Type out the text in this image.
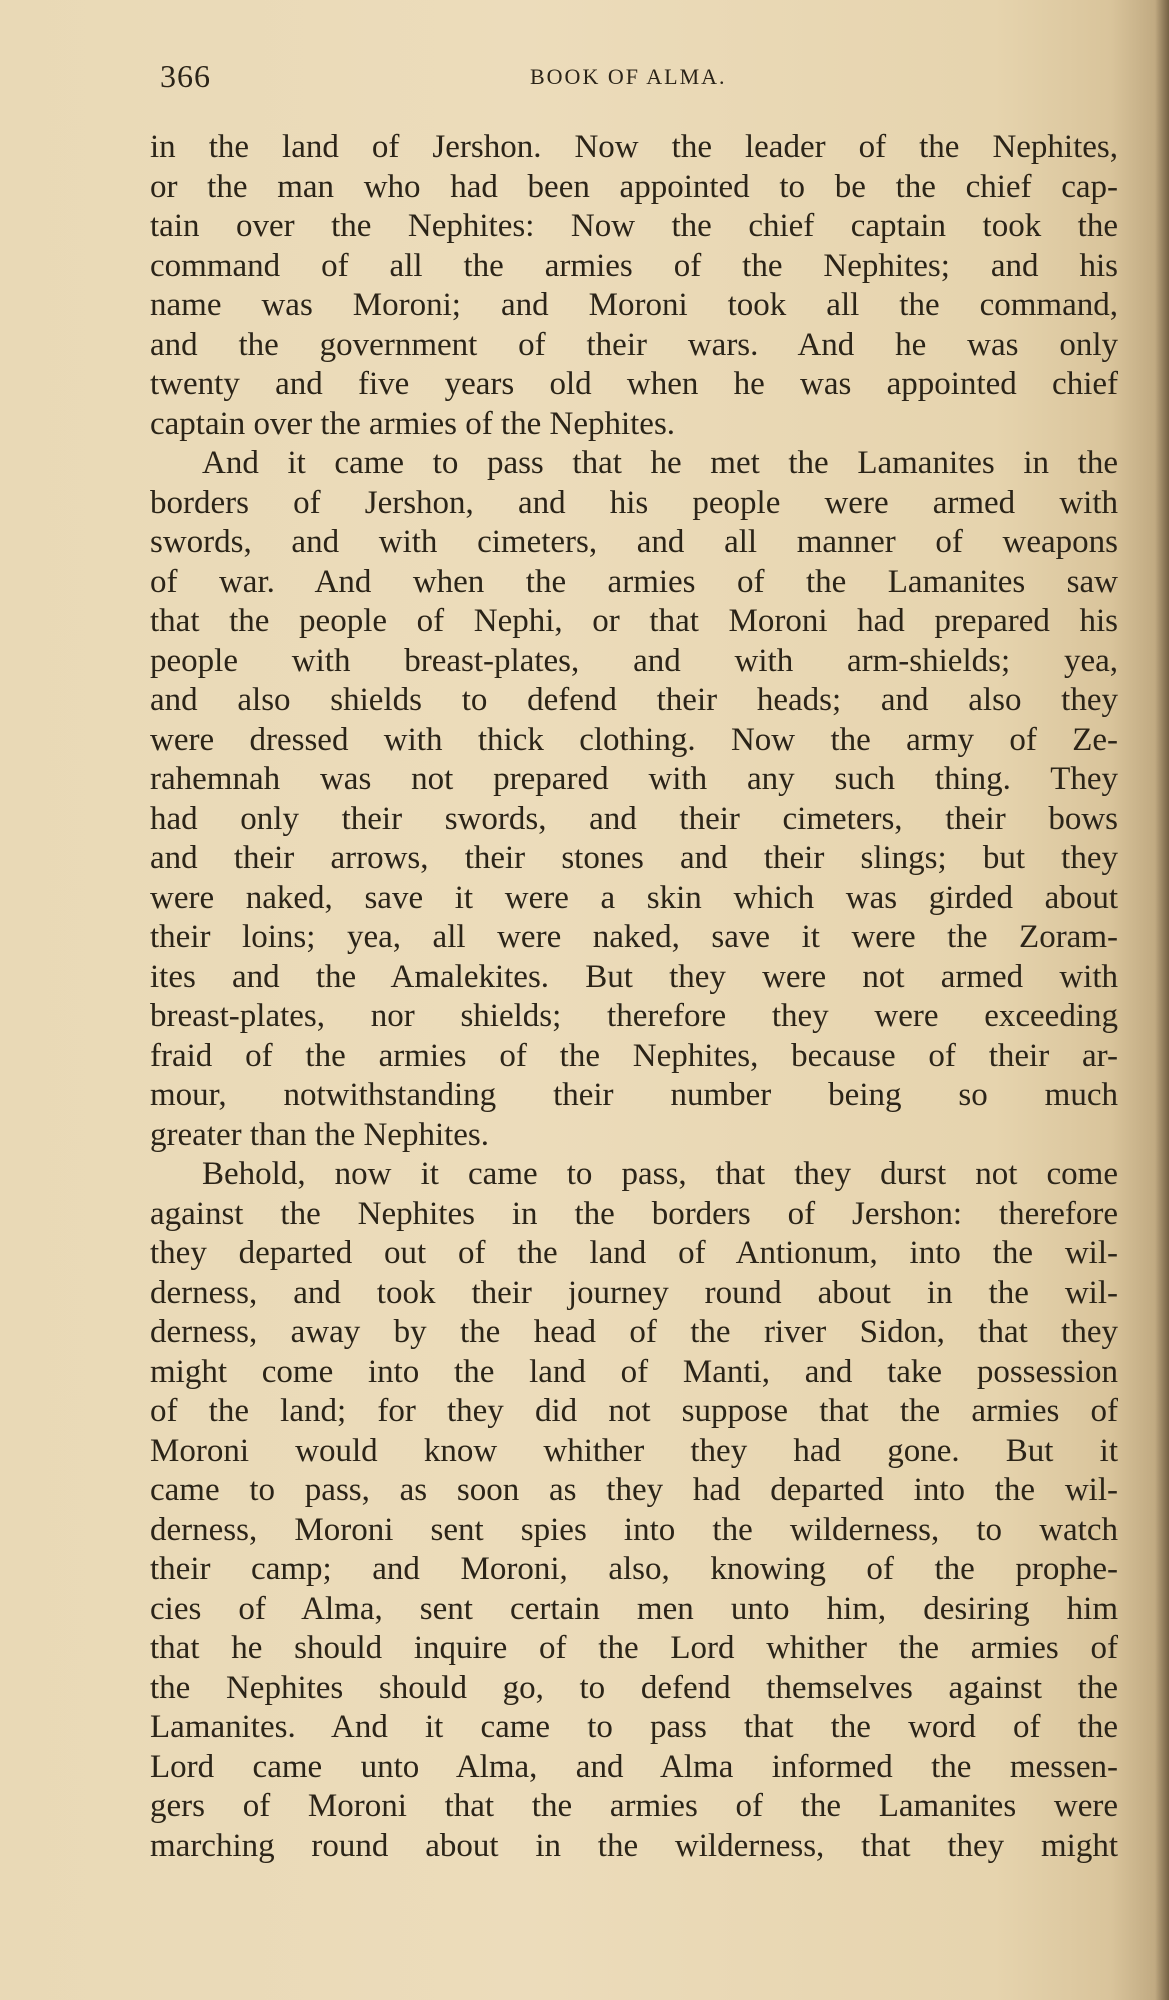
366	BOOK OF ALMA.
in the land of Jershon. Now the leader of the Nephites,
or the man who had been appointed to be the chief cap-
tain over the Nephites: Now the chief captain took the
command of all the armies of the Nephites; and his
name was Moroni; and Moroni took all the command,
and the government of their wars. And he was only
twenty and five years old when he was appointed chief
captain over the armies of the Nephites.
And it came to pass that he met the Lamanites in the
borders of Jershon, and his people were armed with
swords, and with cimeters, and all manner of weapons
of war. And when the armies of the Lamanites saw
that the people of Nephi, or that Moroni had prepared his
people with breast-plates, and with arm-shields; yea,
and also shields to defend their heads; and also they
were dressed with thick clothing. Now the army of Ze-
rahemnah was not prepared with any such thing. They
had only their swords, and their cimeters, their bows
and their arrows, their stones and their slings; but they
were naked, save it were a skin which was girded about
their loins; yea, all were naked, save it were the Zoram-
ites and the Amalekites. But they were not armed with
breast-plates, nor shields; therefore they were exceeding
fraid of the armies of the Nephites, because of their ar-
mour, notwithstanding their number being so much
greater than the Nephites.
Behold, now it came to pass, that they durst not come
against the Nephites in the borders of Jershon: therefore
they departed out of the land of Antionum, into the wil-
derness, and took their journey round about in the wil-
derness, away by the head of the river Sidon, that they
might come into the land of Manti, and take possession
of the land; for they did not suppose that the armies of
Moroni would know whither they had gone. But it
came to pass, as soon as they had departed into the wil-
derness, Moroni sent spies into the wilderness, to watch
their camp; and Moroni, also, knowing of the prophe-
cies of Alma, sent certain men unto him, desiring him
that he should inquire of the Lord whither the armies of
the Nephites should go, to defend themselves against the
Lamanites. And it came to pass that the word of the
Lord came unto Alma, and Alma informed the messen-
gers of Moroni that the armies of the Lamanites were
marching round about in the wilderness, that they might
